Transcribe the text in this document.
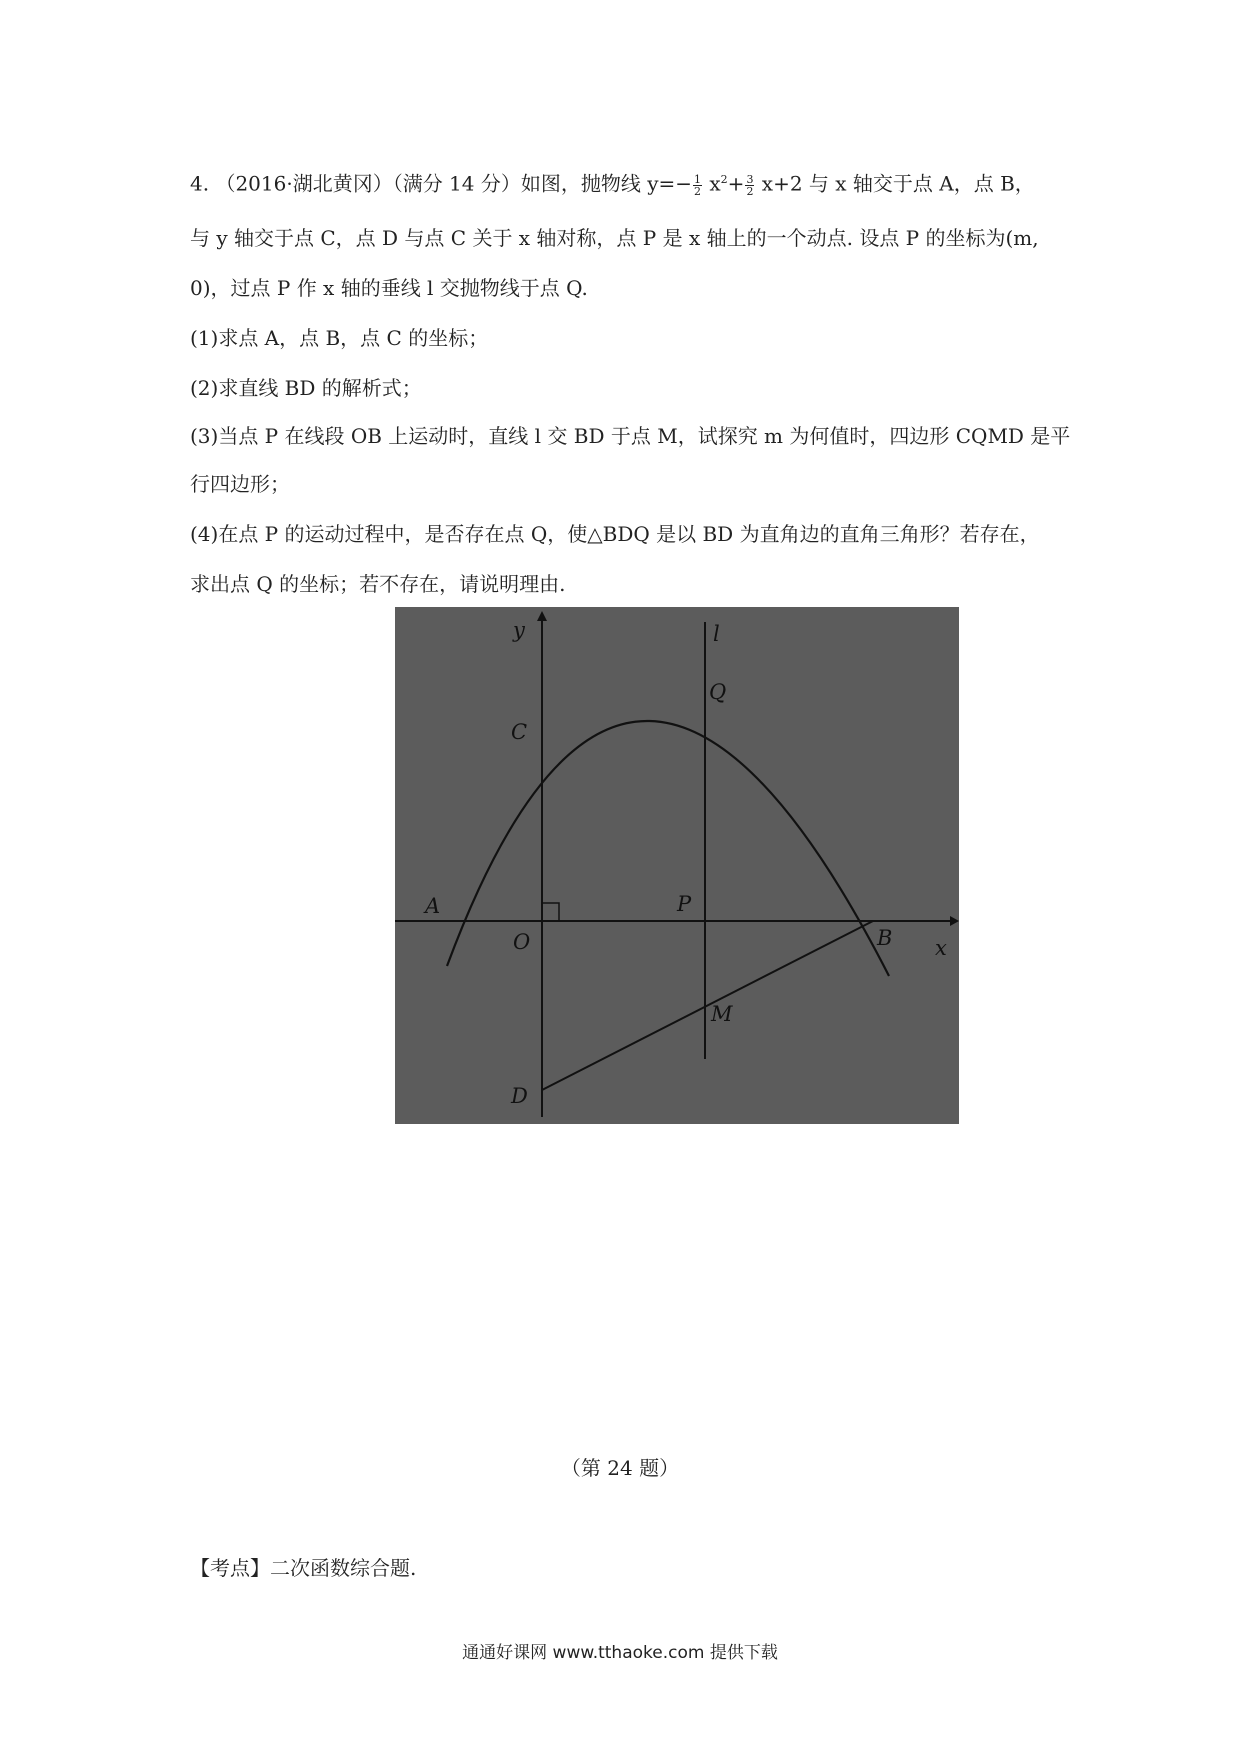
4. （2016·湖北黄冈）（满分 14 分）如图，抛物线 $y=- \frac{1}{2} x^2+ \frac{3}{2} x+2$ 与 x 轴交于点 A，点 B，
与 y 轴交于点 C，点 D 与点 C 关于 x 轴对称，点 P 是 x 轴上的一个动点. 设点 P 的坐标为(m,
0)，过点 P 作 x 轴的垂线 l 交抛物线于点 Q.
(1)求点 A，点 B，点 C 的坐标；
(2)求直线 BD 的解析式；
(3)当点 P 在线段 OB 上运动时，直线 l 交 BD 于点 M，试探究 m 为何值时，四边形 CQMD 是平
行四边形；
(4)在点 P 的运动过程中，是否存在点 Q，使△BDQ 是以 BD 为直角边的直角三角形？若存在，
求出点 Q 的坐标；若不存在，请说明理由.
y	l
Q
C
A
O
P
B x
M
D
（第 24 题）
【考点】二次函数综合题.
通通好课网 www.tthaoke.com 提供下载
